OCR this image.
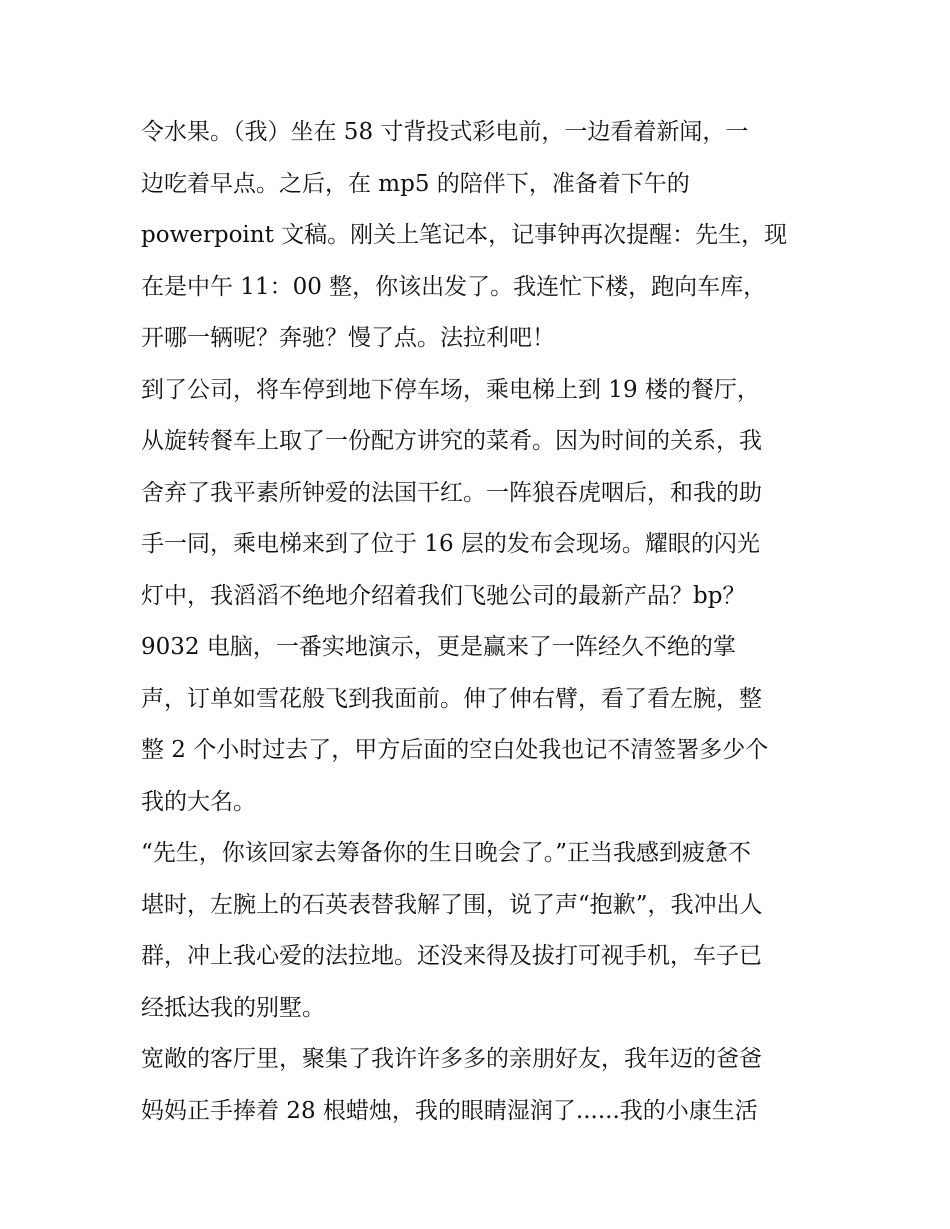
令水果。（我）坐在 58 寸背投式彩电前，一边看着新闻，一
边吃着早点。之后，在 mp5 的陪伴下，准备着下午的
powerpoint 文稿。刚关上笔记本，记事钟再次提醒：先生，现
在是中午 11：00 整，你该出发了。我连忙下楼，跑向车库，
开哪一辆呢？奔驰？慢了点。法拉利吧！
到了公司，将车停到地下停车场，乘电梯上到 19 楼的餐厅，
从旋转餐车上取了一份配方讲究的菜肴。因为时间的关系，我
舍弃了我平素所钟爱的法国干红。一阵狼吞虎咽后，和我的助
手一同，乘电梯来到了位于 16 层的发布会现场。耀眼的闪光
灯中，我滔滔不绝地介绍着我们飞驰公司的最新产品？bp？
9032 电脑，一番实地演示，更是赢来了一阵经久不绝的掌
声，订单如雪花般飞到我面前。伸了伸右臂，看了看左腕，整
整 2 个小时过去了，甲方后面的空白处我也记不清签署多少个
我的大名。
“先生，你该回家去筹备你的生日晚会了。”正当我感到疲惫不
堪时，左腕上的石英表替我解了围，说了声“抱歉”，我冲出人
群，冲上我心爱的法拉地。还没来得及拔打可视手机，车子已
经抵达我的别墅。
宽敞的客厅里，聚集了我许许多多的亲朋好友，我年迈的爸爸
妈妈正手捧着 28 根蜡烛，我的眼睛湿润了......我的小康生活
